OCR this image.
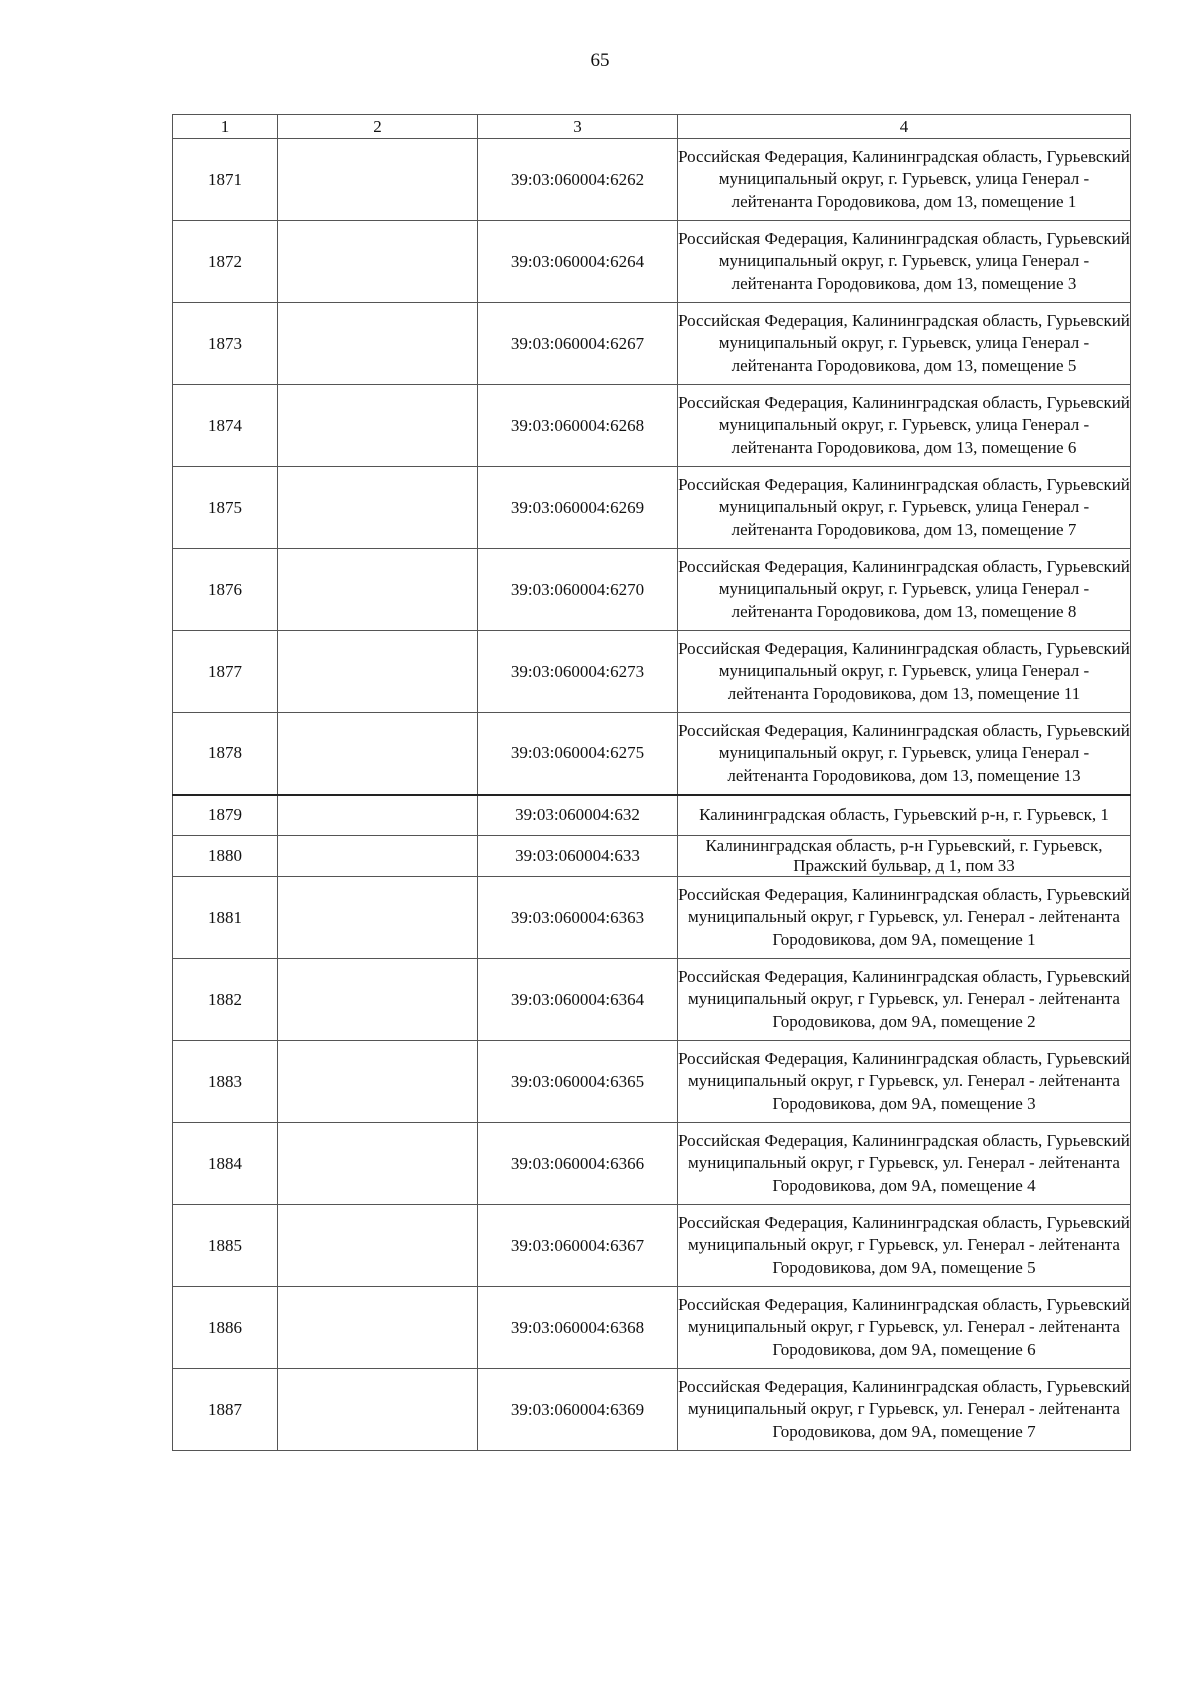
65
1	2	3	4
1871		39:03:060004:6262	Российская Федерация, Калининградская область, Гурьевский муниципальный округ, г. Гурьевск, улица Генерал - лейтенанта Городовикова, дом 13, помещение 1
1872		39:03:060004:6264	Российская Федерация, Калининградская область, Гурьевский муниципальный округ, г. Гурьевск, улица Генерал - лейтенанта Городовикова, дом 13, помещение 3
1873		39:03:060004:6267	Российская Федерация, Калининградская область, Гурьевский муниципальный округ, г. Гурьевск, улица Генерал - лейтенанта Городовикова, дом 13, помещение 5
1874		39:03:060004:6268	Российская Федерация, Калининградская область, Гурьевский муниципальный округ, г. Гурьевск, улица Генерал - лейтенанта Городовикова, дом 13, помещение 6
1875		39:03:060004:6269	Российская Федерация, Калининградская область, Гурьевский муниципальный округ, г. Гурьевск, улица Генерал - лейтенанта Городовикова, дом 13, помещение 7
1876		39:03:060004:6270	Российская Федерация, Калининградская область, Гурьевский муниципальный округ, г. Гурьевск, улица Генерал - лейтенанта Городовикова, дом 13, помещение 8
1877		39:03:060004:6273	Российская Федерация, Калининградская область, Гурьевский муниципальный округ, г. Гурьевск, улица Генерал - лейтенанта Городовикова, дом 13, помещение 11
1878		39:03:060004:6275	Российская Федерация, Калининградская область, Гурьевский муниципальный округ, г. Гурьевск, улица Генерал - лейтенанта Городовикова, дом 13, помещение 13
1879		39:03:060004:632	Калининградская область, Гурьевский р-н, г. Гурьевск, 1
1880		39:03:060004:633	Калининградская область, р-н Гурьевский, г. Гурьевск, Пражский бульвар, д 1, пом 33
1881		39:03:060004:6363	Российская Федерация, Калининградская область, Гурьевский муниципальный округ, г Гурьевск, ул. Генерал - лейтенанта Городовикова, дом 9А, помещение 1
1882		39:03:060004:6364	Российская Федерация, Калининградская область, Гурьевский муниципальный округ, г Гурьевск, ул. Генерал - лейтенанта Городовикова, дом 9А, помещение 2
1883		39:03:060004:6365	Российская Федерация, Калининградская область, Гурьевский муниципальный округ, г Гурьевск, ул. Генерал - лейтенанта Городовикова, дом 9А, помещение 3
1884		39:03:060004:6366	Российская Федерация, Калининградская область, Гурьевский муниципальный округ, г Гурьевск, ул. Генерал - лейтенанта Городовикова, дом 9А, помещение 4
1885		39:03:060004:6367	Российская Федерация, Калининградская область, Гурьевский муниципальный округ, г Гурьевск, ул. Генерал - лейтенанта Городовикова, дом 9А, помещение 5
1886		39:03:060004:6368	Российская Федерация, Калининградская область, Гурьевский муниципальный округ, г Гурьевск, ул. Генерал - лейтенанта Городовикова, дом 9А, помещение 6
1887		39:03:060004:6369	Российская Федерация, Калининградская область, Гурьевский муниципальный округ, г Гурьевск, ул. Генерал - лейтенанта Городовикова, дом 9А, помещение 7
